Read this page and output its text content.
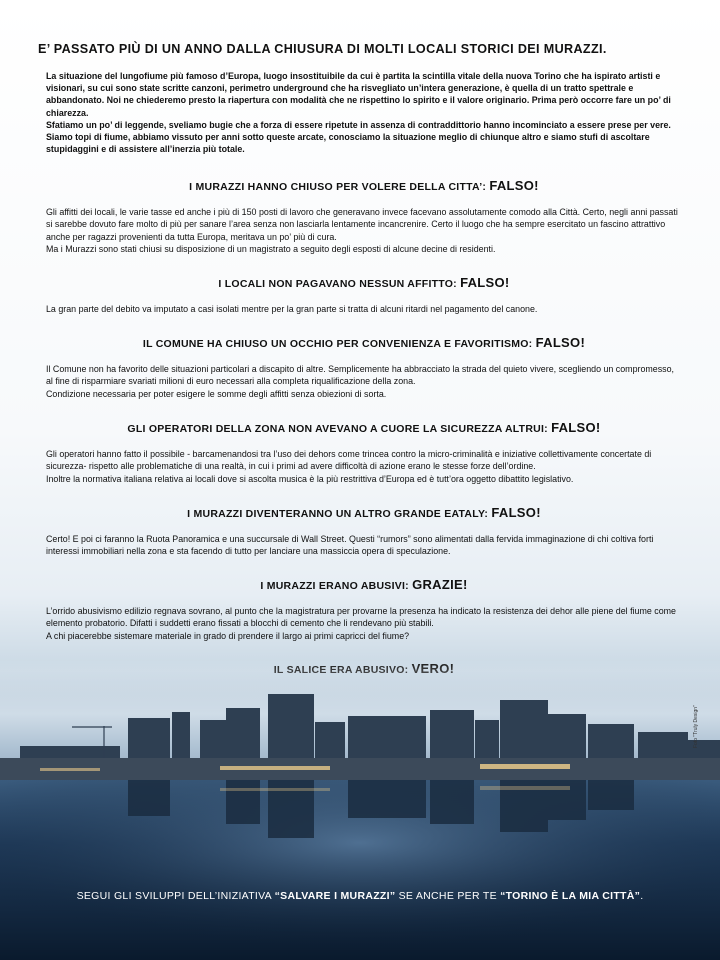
E’ PASSATO PIÙ DI UN ANNO DALLA CHIUSURA DI MOLTI LOCALI STORICI DEI MURAZZI.

La situazione del lungofiume più famoso d’Europa, luogo insostituibile da cui è partita la scintilla vitale della nuova Torino che ha ispirato artisti e visionari, su cui sono state scritte canzoni, perimetro underground che ha risvegliato un’intera generazione, è quella di un tratto spettrale e abbandonato. Noi ne chiederemo presto la riapertura con modalità che ne rispettino lo spirito e il valore originario. Prima però occorre fare un po’ di chiarezza.

Sfatiamo un po’ di leggende, sveliamo bugie che a forza di essere ripetute in assenza di contraddittorio hanno incominciato a essere prese per vere. Siamo topi di fiume, abbiamo vissuto per anni sotto queste arcate, conosciamo la situazione meglio di chiunque altro e siamo stufi di ascoltare stupidaggini e di assistere all’inerzia più totale.

I MURAZZI HANNO CHIUSO PER VOLERE DELLA CITTA’: FALSO!

Gli affitti dei locali, le varie tasse ed anche i più di 150 posti di lavoro che generavano invece facevano assolutamente comodo alla Città. Certo, negli anni passati si sarebbe dovuto fare molto di più per sanare l’area senza non lasciarla lentamente incancrenire. Certo il luogo che ha sempre esercitato un fascino attrattivo anche per ragazzi provenienti da tutta Europa, meritava un po’ più di cura.

Ma i Murazzi sono stati chiusi su disposizione di un magistrato a seguito degli esposti di alcune decine di residenti.

I LOCALI NON PAGAVANO NESSUN AFFITTO: FALSO!

La gran parte del debito va imputato a casi isolati mentre per la gran parte si tratta di alcuni ritardi nel pagamento del canone.

IL COMUNE HA CHIUSO UN OCCHIO PER CONVENIENZA E FAVORITISMO: FALSO!

Il Comune non ha favorito delle situazioni particolari a discapito di altre. Semplicemente ha abbracciato la strada del quieto vivere, scegliendo un compromesso, al fine di risparmiare svariati milioni di euro necessari alla completa riqualificazione della zona.

Condizione necessaria per poter esigere le somme degli affitti senza obiezioni di sorta.

GLI OPERATORI DELLA ZONA NON AVEVANO A CUORE LA SICUREZZA ALTRUI: FALSO!

Gli operatori hanno fatto il possibile - barcamenandosi tra l’uso dei dehors come trincea contro la micro-criminalità e iniziative collettivamente concertate di sicurezza- rispetto alle problematiche di una realtà, in cui i primi ad avere difficoltà di azione erano le stesse forze dell’ordine.

Inoltre la normativa italiana relativa ai locali dove si ascolta musica è la più restrittiva d’Europa ed è tutt’ora oggetto dibattito legislativo.

I MURAZZI DIVENTERANNO UN ALTRO GRANDE EATALY: FALSO!

Certo! E poi ci faranno la Ruota Panoramica e una succursale di Wall Street. Questi “rumors” sono alimentati dalla fervida immaginazione di chi coltiva forti interessi immobiliari nella zona e sta facendo di tutto per lanciare una massiccia opera di speculazione.

I MURAZZI ERANO ABUSIVI: GRAZIE!

L’orrido abusivismo edilizio regnava sovrano, al punto che la magistratura per provarne la presenza ha indicato la resistenza dei dehor alle piene del fiume come elemento probatorio. Difatti i suddetti erano fissati a blocchi di cemento che li rendevano più stabili.

A chi piacerebbe sistemare materiale in grado di prendere il largo ai primi capricci del fiume?

Foto "Truly Design"
SEGUI GLI SVILUPPI DELL’INIZIATIVA “SALVARE I MURAZZI” SE ANCHE PER TE “TORINO È LA MIA CITTÀ”.
